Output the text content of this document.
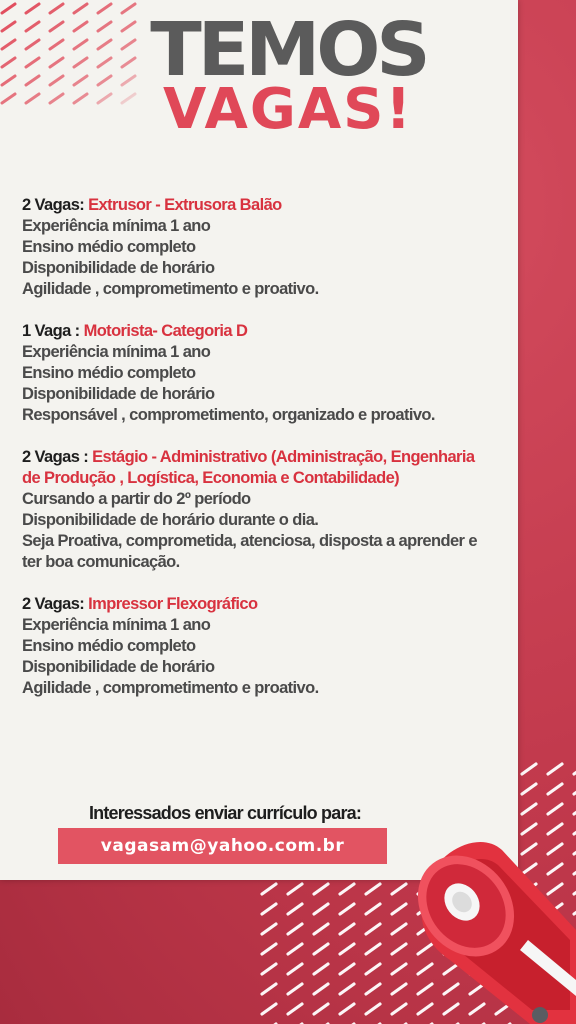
TEMOS
VAGAS!
2 Vagas: Extrusor - Extrusora Balão
Experiência mínima 1 ano
Ensino médio completo
Disponibilidade de horário
Agilidade , comprometimento e proativo.
1 Vaga : Motorista- Categoria D
Experiência mínima 1 ano
Ensino médio completo
Disponibilidade de horário
Responsável , comprometimento, organizado e proativo.
2 Vagas : Estágio - Administrativo (Administração, Engenharia de Produção , Logística, Economia e Contabilidade)
Cursando a partir do 2º período
Disponibilidade de horário durante o dia.
Seja Proativa, comprometida, atenciosa, disposta a aprender e ter boa comunicação.
2 Vagas: Impressor Flexográfico
Experiência mínima 1 ano
Ensino médio completo
Disponibilidade de horário
Agilidade , comprometimento e proativo.
Interessados enviar currículo para:
vagasam@yahoo.com.br
